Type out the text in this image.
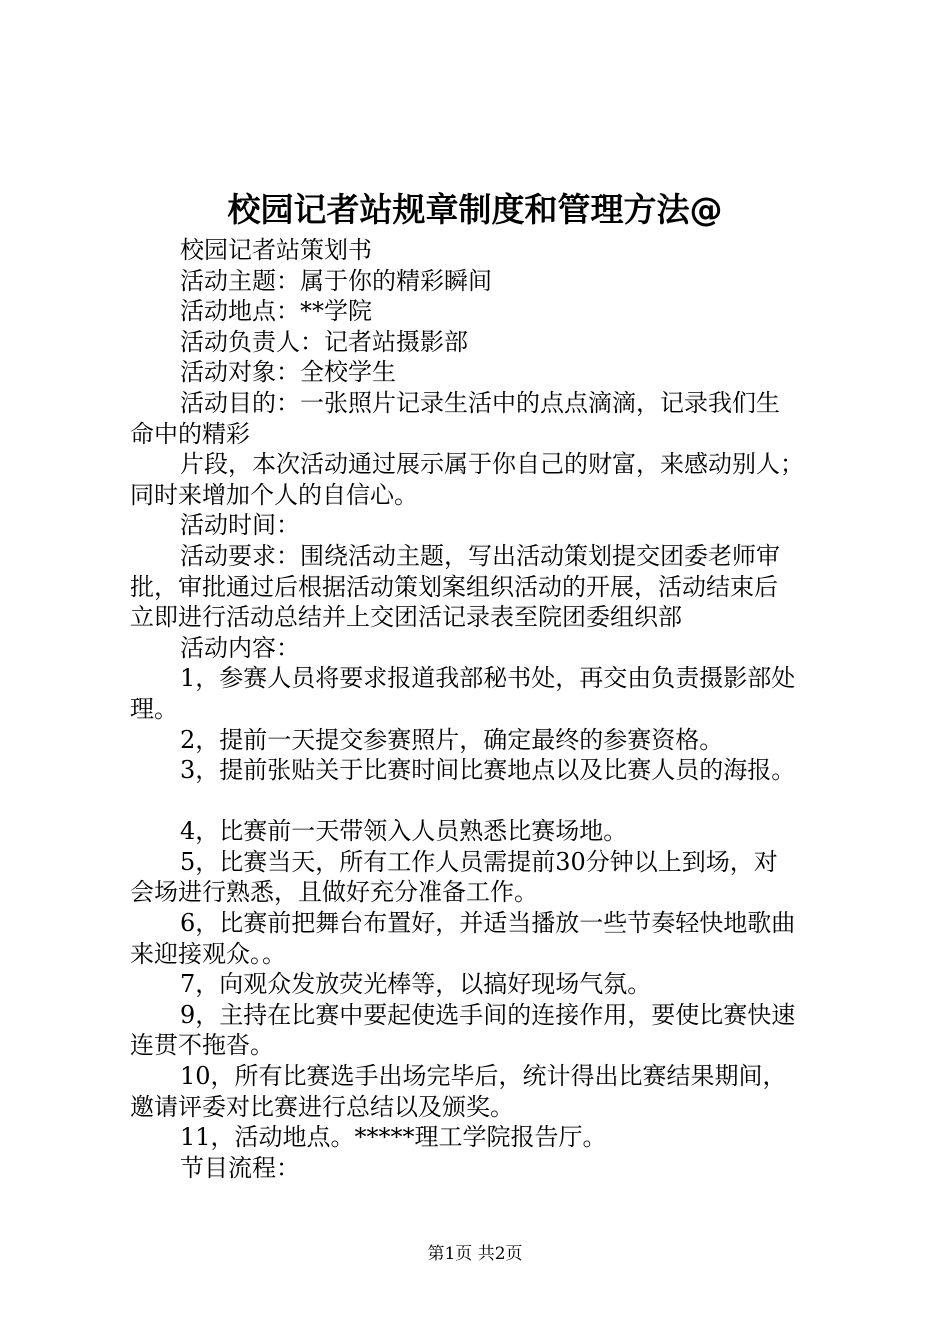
校园记者站规章制度和管理方法@
校园记者站策划书
活动主题：属于你的精彩瞬间
活动地点：**学院
活动负责人：记者站摄影部
活动对象：全校学生
活动目的：一张照片记录生活中的点点滴滴，记录我们生
命中的精彩
片段，本次活动通过展示属于你自己的财富，来感动别人；
同时来增加个人的自信心。
活动时间：
活动要求：围绕活动主题，写出活动策划提交团委老师审
批，审批通过后根据活动策划案组织活动的开展，活动结束后
立即进行活动总结并上交团活记录表至院团委组织部
活动内容：
1，参赛人员将要求报道我部秘书处，再交由负责摄影部处
理。
2，提前一天提交参赛照片，确定最终的参赛资格。
3，提前张贴关于比赛时间比赛地点以及比赛人员的海报。
4，比赛前一天带领入人员熟悉比赛场地。
5，比赛当天，所有工作人员需提前30分钟以上到场，对
会场进行熟悉，且做好充分准备工作。
6，比赛前把舞台布置好，并适当播放一些节奏轻快地歌曲
来迎接观众。。
7，向观众发放荧光棒等，以搞好现场气氛。
9，主持在比赛中要起使选手间的连接作用，要使比赛快速
连贯不拖沓。
10，所有比赛选手出场完毕后，统计得出比赛结果期间，
邀请评委对比赛进行总结以及颁奖。
11，活动地点。*****理工学院报告厅。
节目流程：
第1页 共2页
